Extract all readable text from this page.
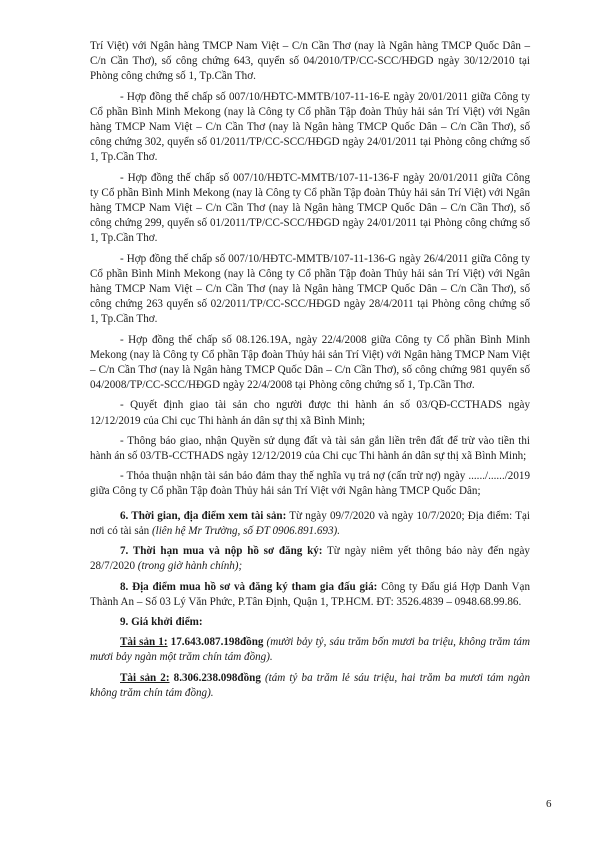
Trí Việt) với Ngân hàng TMCP Nam Việt – C/n Cần Thơ (nay là Ngân hàng TMCP Quốc Dân – C/n Cần Thơ), số công chứng 643, quyển số 04/2010/TP/CC-SCC/HĐGD ngày 30/12/2010 tại Phòng công chứng số 1, Tp.Cần Thơ.

- Hợp đồng thế chấp số 007/10/HĐTC-MMTB/107-11-16-E ngày 20/01/2011 giữa Công ty Cổ phần Bình Minh Mekong (nay là Công ty Cổ phần Tập đoàn Thủy hải sản Trí Việt) với Ngân hàng TMCP Nam Việt – C/n Cần Thơ (nay là Ngân hàng TMCP Quốc Dân – C/n Cần Thơ), số công chứng 302, quyển số 01/2011/TP/CC-SCC/HĐGD ngày 24/01/2011 tại Phòng công chứng số 1, Tp.Cần Thơ.

- Hợp đồng thế chấp số 007/10/HĐTC-MMTB/107-11-136-F ngày 20/01/2011 giữa Công ty Cổ phần Bình Minh Mekong (nay là Công ty Cổ phần Tập đoàn Thủy hải sản Trí Việt) với Ngân hàng TMCP Nam Việt – C/n Cần Thơ (nay là Ngân hàng TMCP Quốc Dân – C/n Cần Thơ), số công chứng 299, quyển số 01/2011/TP/CC-SCC/HĐGD ngày 24/01/2011 tại Phòng công chứng số 1, Tp.Cần Thơ.

- Hợp đồng thế chấp số 007/10/HĐTC-MMTB/107-11-136-G ngày 26/4/2011 giữa Công ty Cổ phần Bình Minh Mekong (nay là Công ty Cổ phần Tập đoàn Thủy hải sản Trí Việt) với Ngân hàng TMCP Nam Việt – C/n Cần Thơ (nay là Ngân hàng TMCP Quốc Dân – C/n Cần Thơ), số công chứng 263 quyển số 02/2011/TP/CC-SCC/HĐGD ngày 28/4/2011 tại Phòng công chứng số 1, Tp.Cần Thơ.

- Hợp đồng thế chấp số 08.126.19A, ngày 22/4/2008 giữa Công ty Cổ phần Bình Minh Mekong (nay là Công ty Cổ phần Tập đoàn Thủy hải sản Trí Việt) với Ngân hàng TMCP Nam Việt – C/n Cần Thơ (nay là Ngân hàng TMCP Quốc Dân – C/n Cần Thơ), số công chứng 981 quyển số 04/2008/TP/CC-SCC/HĐGD ngày 22/4/2008 tại Phòng công chứng số 1, Tp.Cần Thơ.

- Quyết định giao tài sản cho người được thi hành án số 03/QĐ-CCTHADS ngày 12/12/2019 của Chi cục Thi hành án dân sự thị xã Bình Minh;

- Thông báo giao, nhận Quyền sử dụng đất và tài sản gắn liền trên đất để trừ vào tiền thi hành án số 03/TB-CCTHADS ngày 12/12/2019 của Chi cục Thi hành án dân sự thị xã Bình Minh;

- Thỏa thuận nhận tài sản bảo đảm thay thế nghĩa vụ trả nợ (cấn trừ nợ) ngày ....../....../2019 giữa Công ty Cổ phần Tập đoàn Thủy hải sản Trí Việt với Ngân hàng TMCP Quốc Dân;

6. Thời gian, địa điểm xem tài sản: Từ ngày 09/7/2020 và ngày 10/7/2020; Địa điểm: Tại nơi có tài sản (liên hệ Mr Trường, số ĐT 0906.891.693).

7. Thời hạn mua và nộp hồ sơ đăng ký: Từ ngày niêm yết thông báo này đến ngày 28/7/2020 (trong giờ hành chính);

8. Địa điểm mua hồ sơ và đăng ký tham gia đấu giá: Công ty Đấu giá Hợp Danh Vạn Thành An – Số 03 Lý Văn Phức, P.Tân Định, Quận 1, TP.HCM. ĐT: 3526.4839 – 0948.68.99.86.

9. Giá khởi điểm:

Tài sản 1: 17.643.087.198đồng (mười bảy tỷ, sáu trăm bốn mươi ba triệu, không trăm tám mươi bảy ngàn một trăm chín tám đồng).

Tài sản 2: 8.306.238.098đồng (tám tỷ ba trăm lẻ sáu triệu, hai trăm ba mươi tám ngàn không trăm chín tám đồng).

6
